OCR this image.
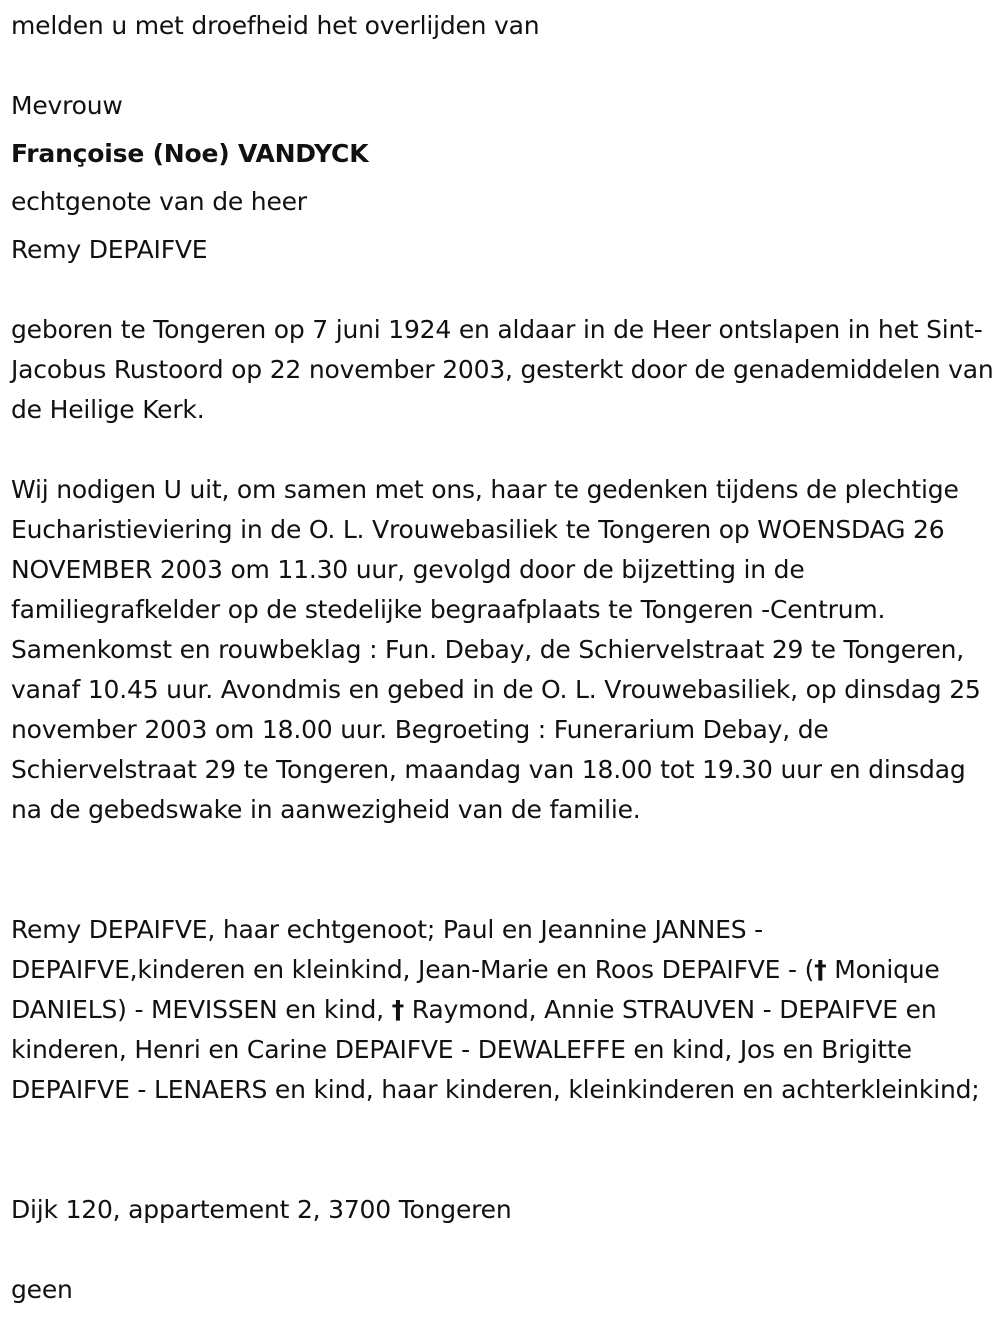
melden u met droefheid het overlijden van
Mevrouw
Françoise (Noe) VANDYCK
echtgenote van de heer
Remy DEPAIFVE
geboren te Tongeren op 7 juni 1924 en aldaar in de Heer ontslapen in het Sint-Jacobus Rustoord op 22 november 2003, gesterkt door de genademiddelen van de Heilige Kerk.
Wij nodigen U uit, om samen met ons, haar te gedenken tijdens de plechtige Eucharistieviering in de O. L. Vrouwebasiliek te Tongeren op WOENSDAG 26 NOVEMBER 2003 om 11.30 uur, gevolgd door de bijzetting in de familiegrafkelder op de stedelijke begraafplaats te Tongeren -Centrum. Samenkomst en rouwbeklag : Fun. Debay, de Schiervelstraat 29 te Tongeren, vanaf 10.45 uur. Avondmis en gebed in de O. L. Vrouwebasiliek, op dinsdag 25 november 2003 om 18.00 uur. Begroeting : Funerarium Debay, de Schiervelstraat 29 te Tongeren, maandag van 18.00 tot 19.30 uur en dinsdag na de gebedswake in aanwezigheid van de familie.
Remy DEPAIFVE, haar echtgenoot; Paul en Jeannine JANNES - DEPAIFVE,kinderen en kleinkind, Jean-Marie en Roos DEPAIFVE - († Monique DANIELS) - MEVISSEN en kind, † Raymond, Annie STRAUVEN - DEPAIFVE en kinderen, Henri en Carine DEPAIFVE - DEWALEFFE en kind, Jos en Brigitte DEPAIFVE - LENAERS en kind, haar kinderen, kleinkinderen en achterkleinkind;
Dijk 120, appartement 2, 3700 Tongeren
geen
